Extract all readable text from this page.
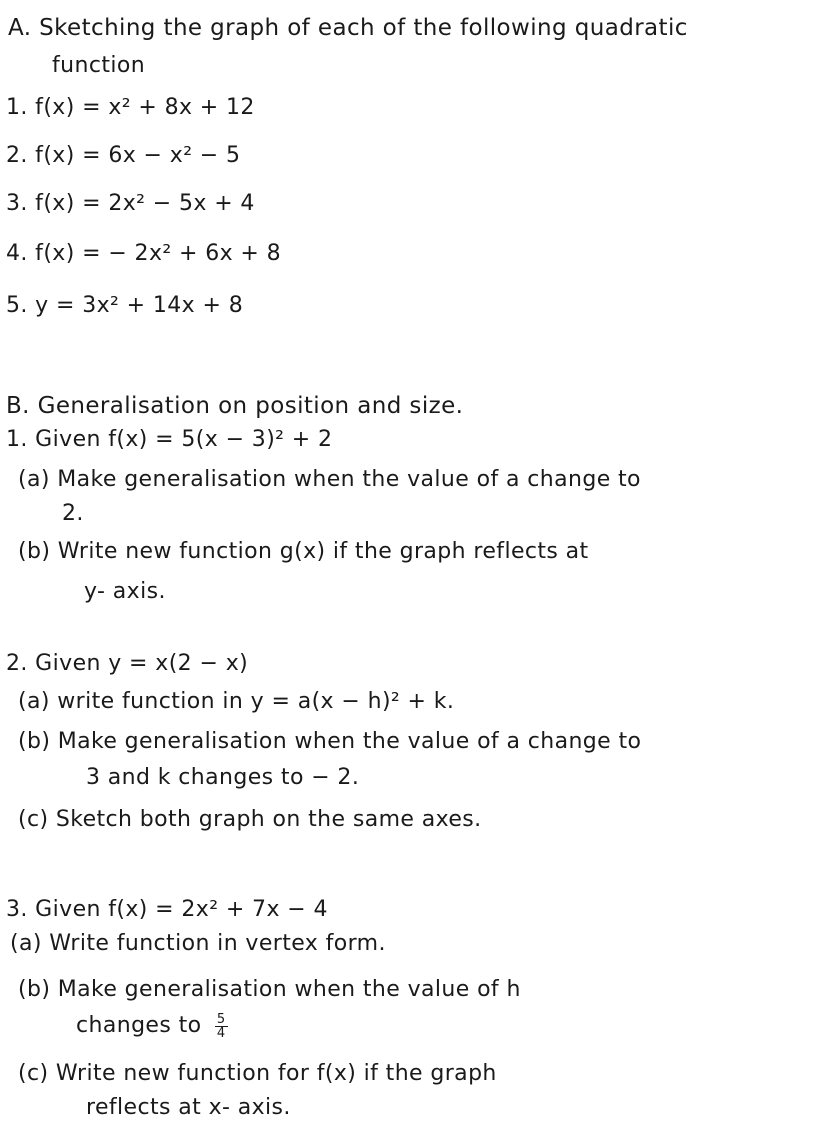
A. Sketching the graph of each of the following quadratic
function
1. f(x) = x² + 8x + 12
2. f(x) = 6x − x² − 5
3. f(x) = 2x² − 5x + 4
4. f(x) = − 2x² + 6x + 8
5. y = 3x² + 14x + 8
B. Generalisation on position and size.
1. Given f(x) = 5(x − 3)² + 2
(a) Make generalisation when the value of a change to
2.
(b) Write new function g(x) if the graph reflects at
y- axis.
2. Given y = x(2 − x)
(a) write function in y = a(x − h)² + k.
(b) Make generalisation when the value of a change to
3 and k changes to − 2.
(c) Sketch both graph on the same axes.
3. Given f(x) = 2x² + 7x − 4
(a) Write function in vertex form.
(b) Make generalisation when the value of h
changes to $\frac{5}{4}$
(c) Write new function for f(x) if the graph
reflects at x- axis.
